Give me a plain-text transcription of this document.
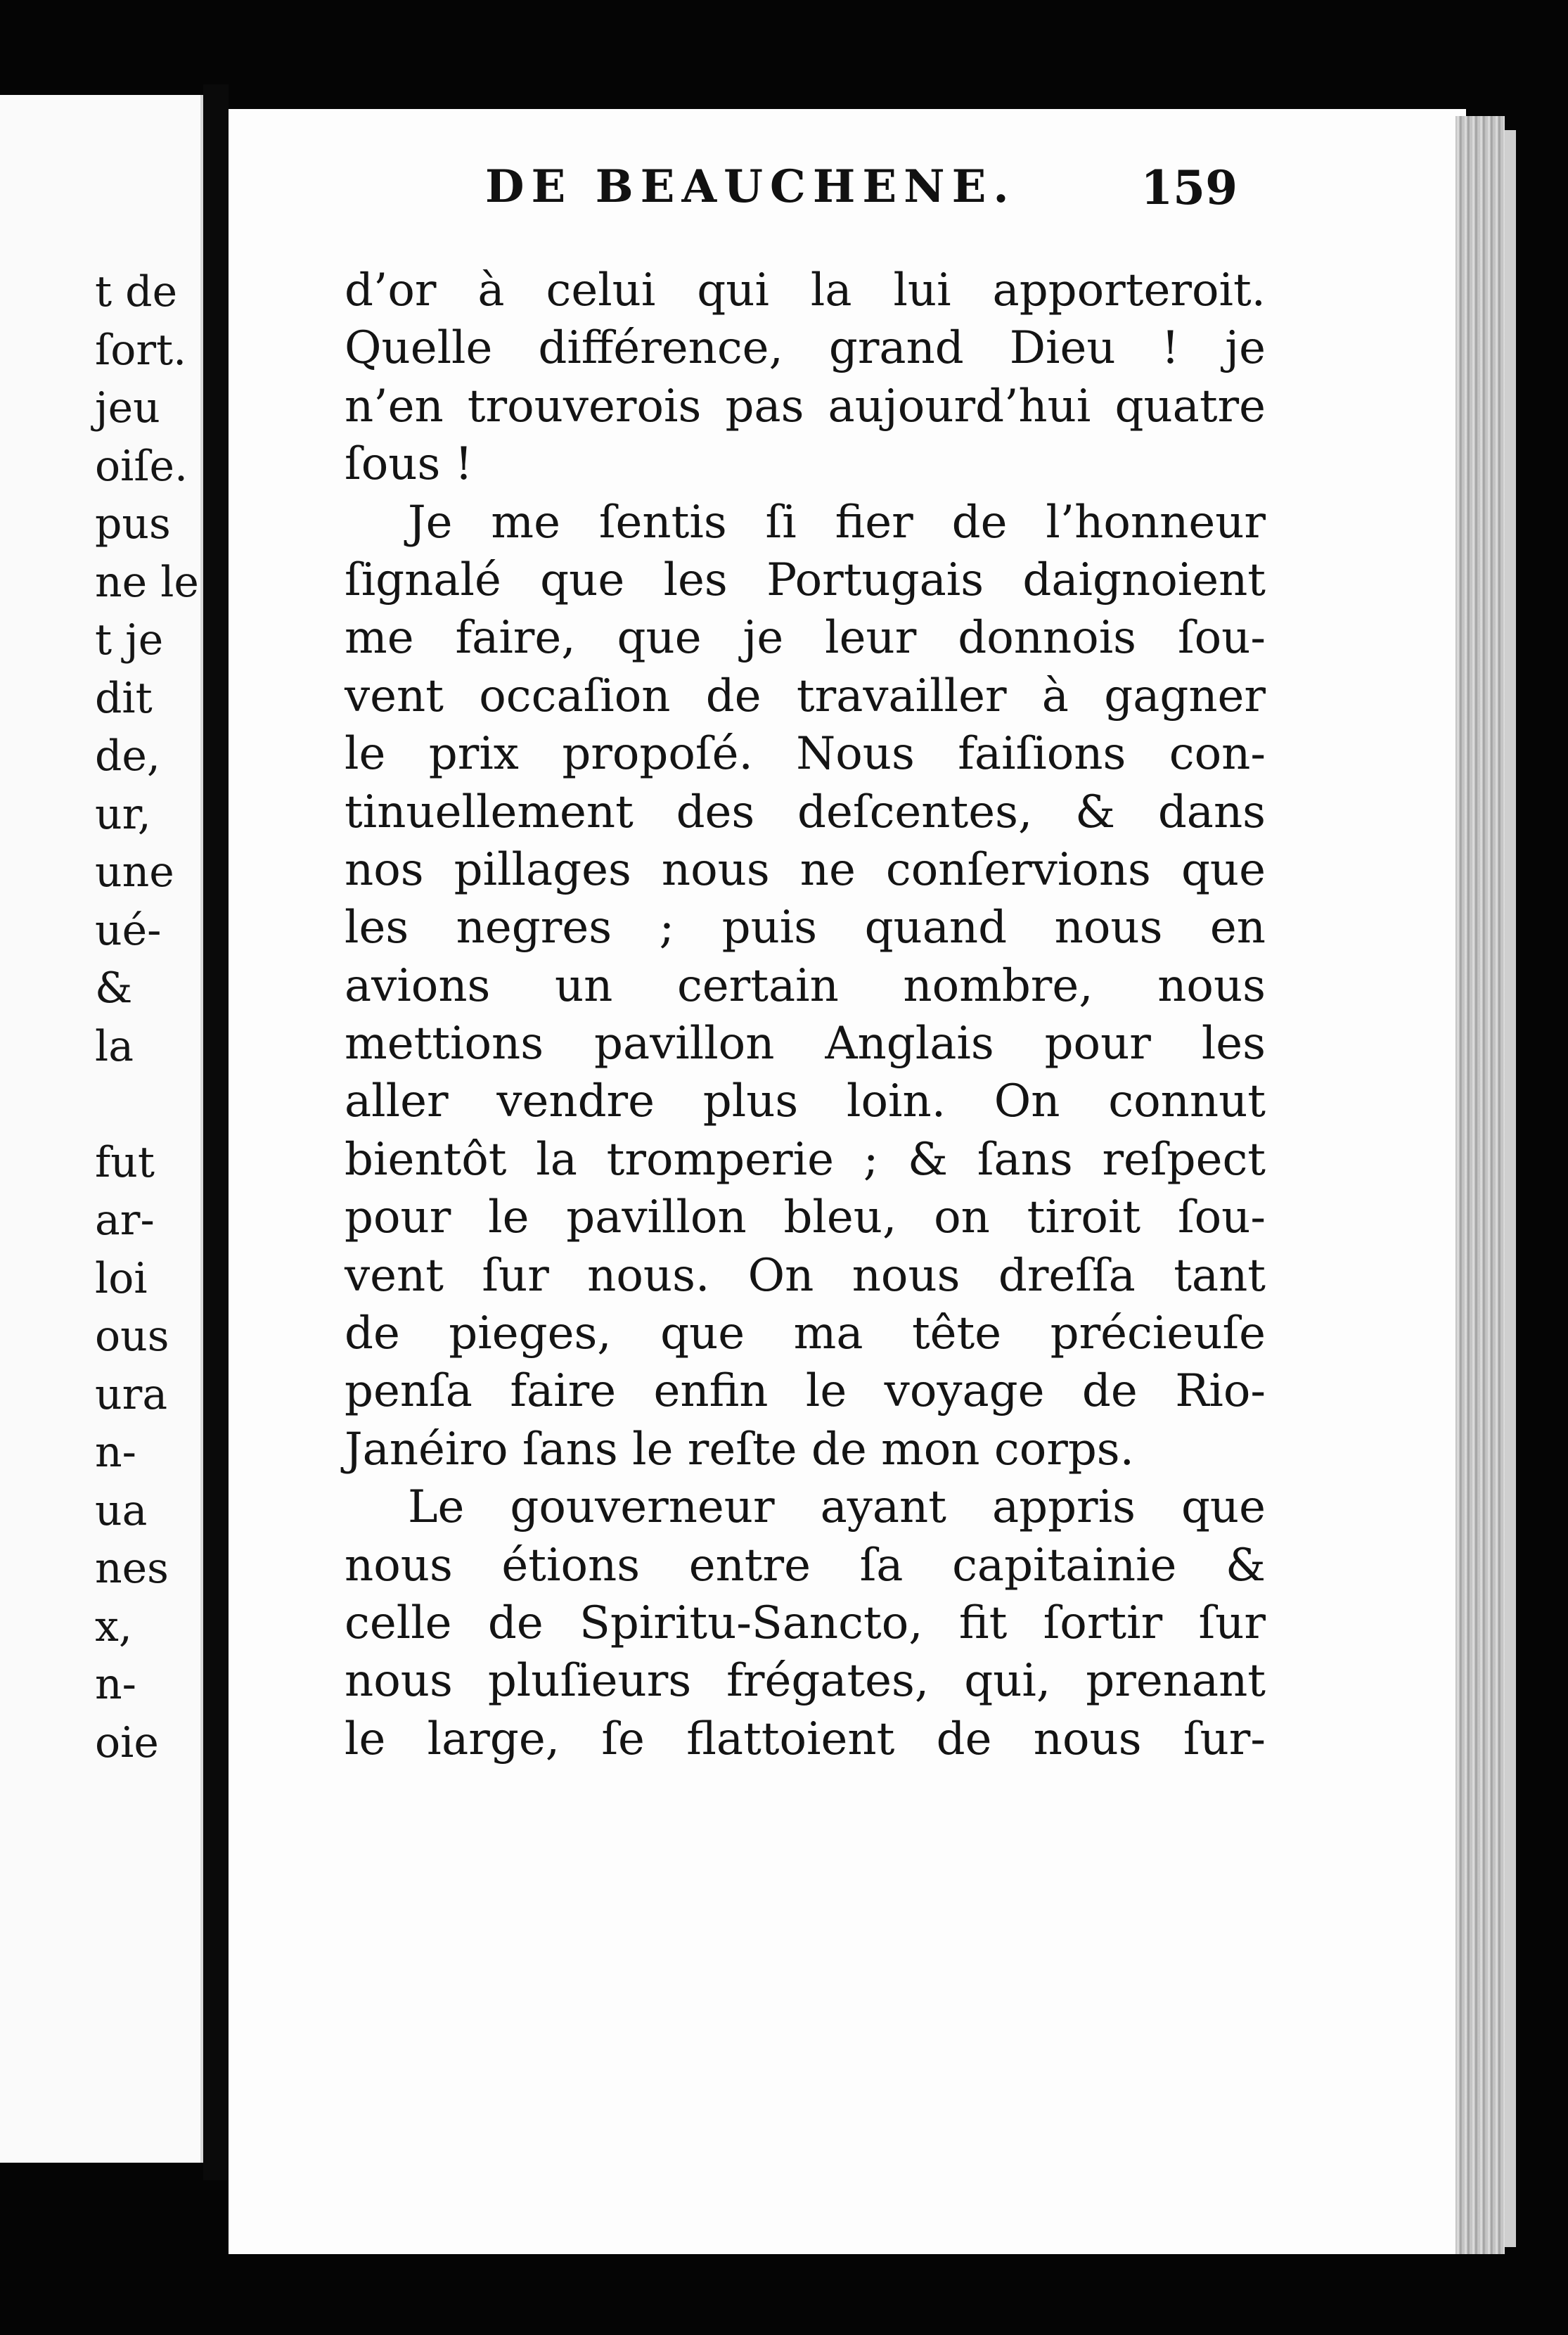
t de
ſort.
jeu
oiſe.
pus
ne le
t je
dit
de,
ur,
une
ué-
&
la
fut
ar-
loi
ous
ura
n-
ua
nes
x,
n-
oie
DE BEAUCHENE.	159
d’or à celui qui la lui apporteroit.
Quelle différence, grand Dieu ! je
n’en trouverois pas aujourd’hui quatre
ſous !
Je me ſentis ſi fier de l’honneur
ſignalé que les Portugais daignoient
me faire, que je leur donnois ſou-
vent occaſion de travailler à gagner
le prix propoſé. Nous faiſions con-
tinuellement des deſcentes, & dans
nos pillages nous ne conſervions que
les negres ; puis quand nous en
avions un certain nombre, nous
mettions pavillon Anglais pour les
aller vendre plus loin. On connut
bientôt la tromperie ; & ſans reſpect
pour le pavillon bleu, on tiroit ſou-
vent ſur nous. On nous dreſſa tant
de pieges, que ma tête précieuſe
penſa faire enfin le voyage de Rio-
Janéiro ſans le reſte de mon corps.
Le gouverneur ayant appris que
nous étions entre ſa capitainie &
celle de Spiritu-Sancto, fit ſortir ſur
nous pluſieurs frégates, qui, prenant
le large, ſe flattoient de nous ſur-
